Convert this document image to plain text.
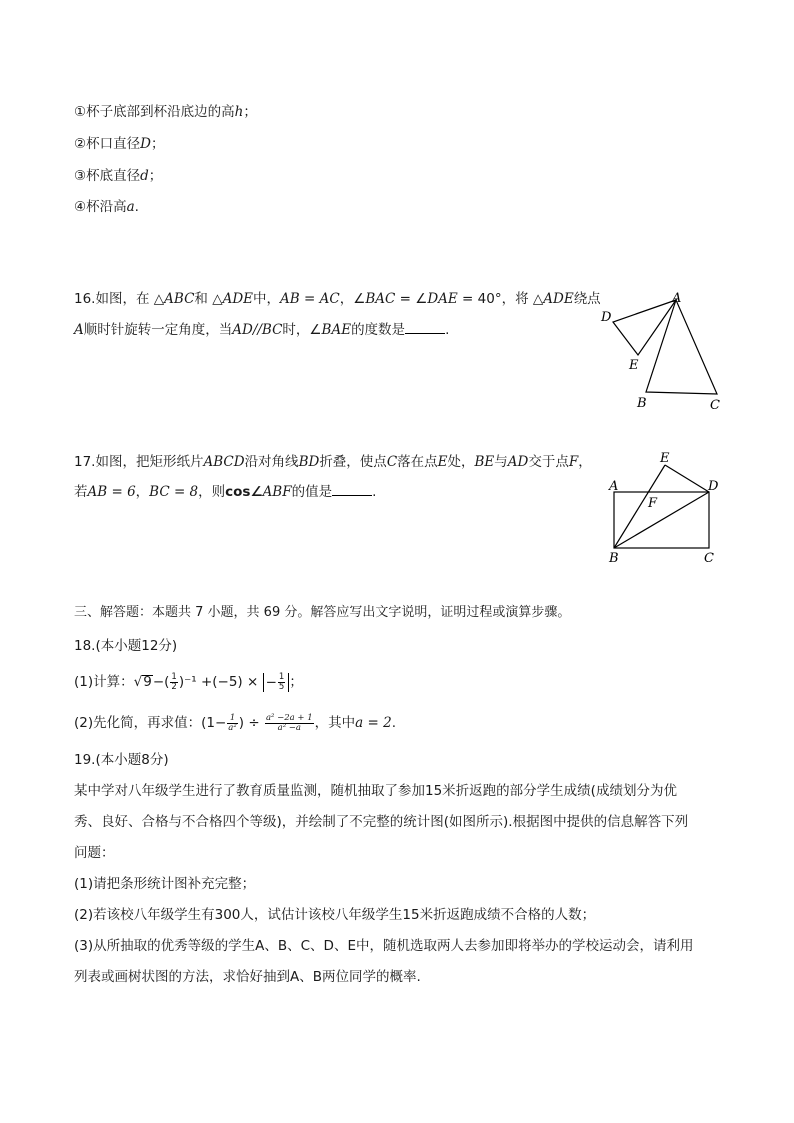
①杯子底部到杯沿底边的高h；
②杯口直径D；
③杯底直径d；
④杯沿高a.
16.如图，在 △ABC和 △ADE中，AB = AC，∠BAC = ∠DAE = 40°，将 △ADE绕点
A顺时针旋转一定角度，当AD//BC时，∠BAE的度数是	.
A
D
E
B	C
17.如图，把矩形纸片ABCD沿对角线BD折叠，使点C落在点E处，BE与AD交于点F，
若AB = 6，BC = 8，则cos∠ABF的值是	.	A
E
D
F
B	C
三、解答题：本题共 7 小题，共 69 分。解答应写出文字说明，证明过程或演算步骤。
18.(本小题12分)
(1)计算：$√9-( \frac{1}{2} )^{-1} +(-5)$ × − $\frac{1}{5}$ ；
(2)先化简，再求值：($1- \frac{1}{\text{a²}}$ ) ÷ $\frac{\text{a² −2a + 1}}{\text{a² −a}}$ ，其中a = 2.
19.(本小题8分)
某中学对八年级学生进行了教育质量监测，随机抽取了参加15米折返跑的部分学生成绩(成绩划分为优
秀、良好、合格与不合格四个等级)，并绘制了不完整的统计图(如图所示).根据图中提供的信息解答下列
问题：
(1)请把条形统计图补充完整；
(2)若该校八年级学生有300人，试估计该校八年级学生15米折返跑成绩不合格的人数；
(3)从所抽取的优秀等级的学生A、B、C、D、E中，随机选取两人去参加即将举办的学校运动会，请利用
列表或画树状图的方法，求恰好抽到A、B两位同学的概率.
